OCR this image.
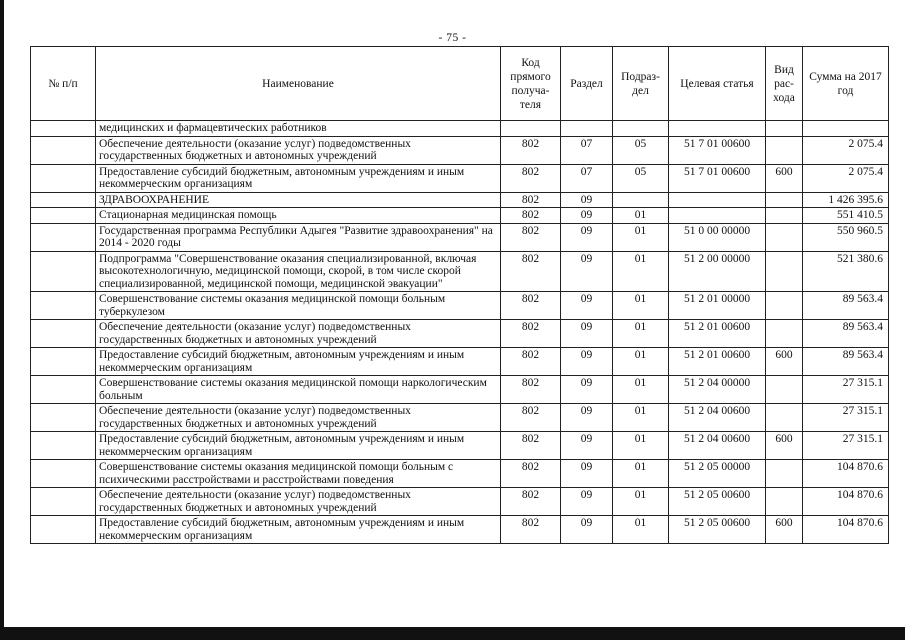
- 75 -
№ п/п	Наименование	Код прямого получа- теля	Раздел	Подраз- дел	Целевая статья	Вид рас- хода	Сумма на 2017 год
	медицинских и фармацевтических работников						
	Обеспечение деятельности (оказание услуг) подведомственных государственных бюджетных и автономных учреждений	802	07	05	51 7 01 00600		2 075.4
	Предоставление субсидий бюджетным, автономным учреждениям и иным некоммерческим организациям	802	07	05	51 7 01 00600	600	2 075.4
	ЗДРАВООХРАНЕНИЕ	802	09				1 426 395.6
	Стационарная медицинская помощь	802	09	01			551 410.5
	Государственная программа Республики Адыгея "Развитие здравоохранения" на 2014 - 2020 годы	802	09	01	51 0 00 00000		550 960.5
	Подпрограмма "Совершенствование оказания специализированной, включая высокотехнологичную, медицинской помощи, скорой, в том числе скорой специализированной, медицинской помощи, медицинской эвакуации"	802	09	01	51 2 00 00000		521 380.6
	Совершенствование системы оказания медицинской помощи больным туберкулезом	802	09	01	51 2 01 00000		89 563.4
	Обеспечение деятельности (оказание услуг) подведомственных государственных бюджетных и автономных учреждений	802	09	01	51 2 01 00600		89 563.4
	Предоставление субсидий бюджетным, автономным учреждениям и иным некоммерческим организациям	802	09	01	51 2 01 00600	600	89 563.4
	Совершенствование системы оказания медицинской помощи наркологическим больным	802	09	01	51 2 04 00000		27 315.1
	Обеспечение деятельности (оказание услуг) подведомственных государственных бюджетных и автономных учреждений	802	09	01	51 2 04 00600		27 315.1
	Предоставление субсидий бюджетным, автономным учреждениям и иным некоммерческим организациям	802	09	01	51 2 04 00600	600	27 315.1
	Совершенствование системы оказания медицинской помощи больным с психическими расстройствами и расстройствами поведения	802	09	01	51 2 05 00000		104 870.6
	Обеспечение деятельности (оказание услуг) подведомственных государственных бюджетных и автономных учреждений	802	09	01	51 2 05 00600		104 870.6
	Предоставление субсидий бюджетным, автономным учреждениям и иным некоммерческим организациям	802	09	01	51 2 05 00600	600	104 870.6
